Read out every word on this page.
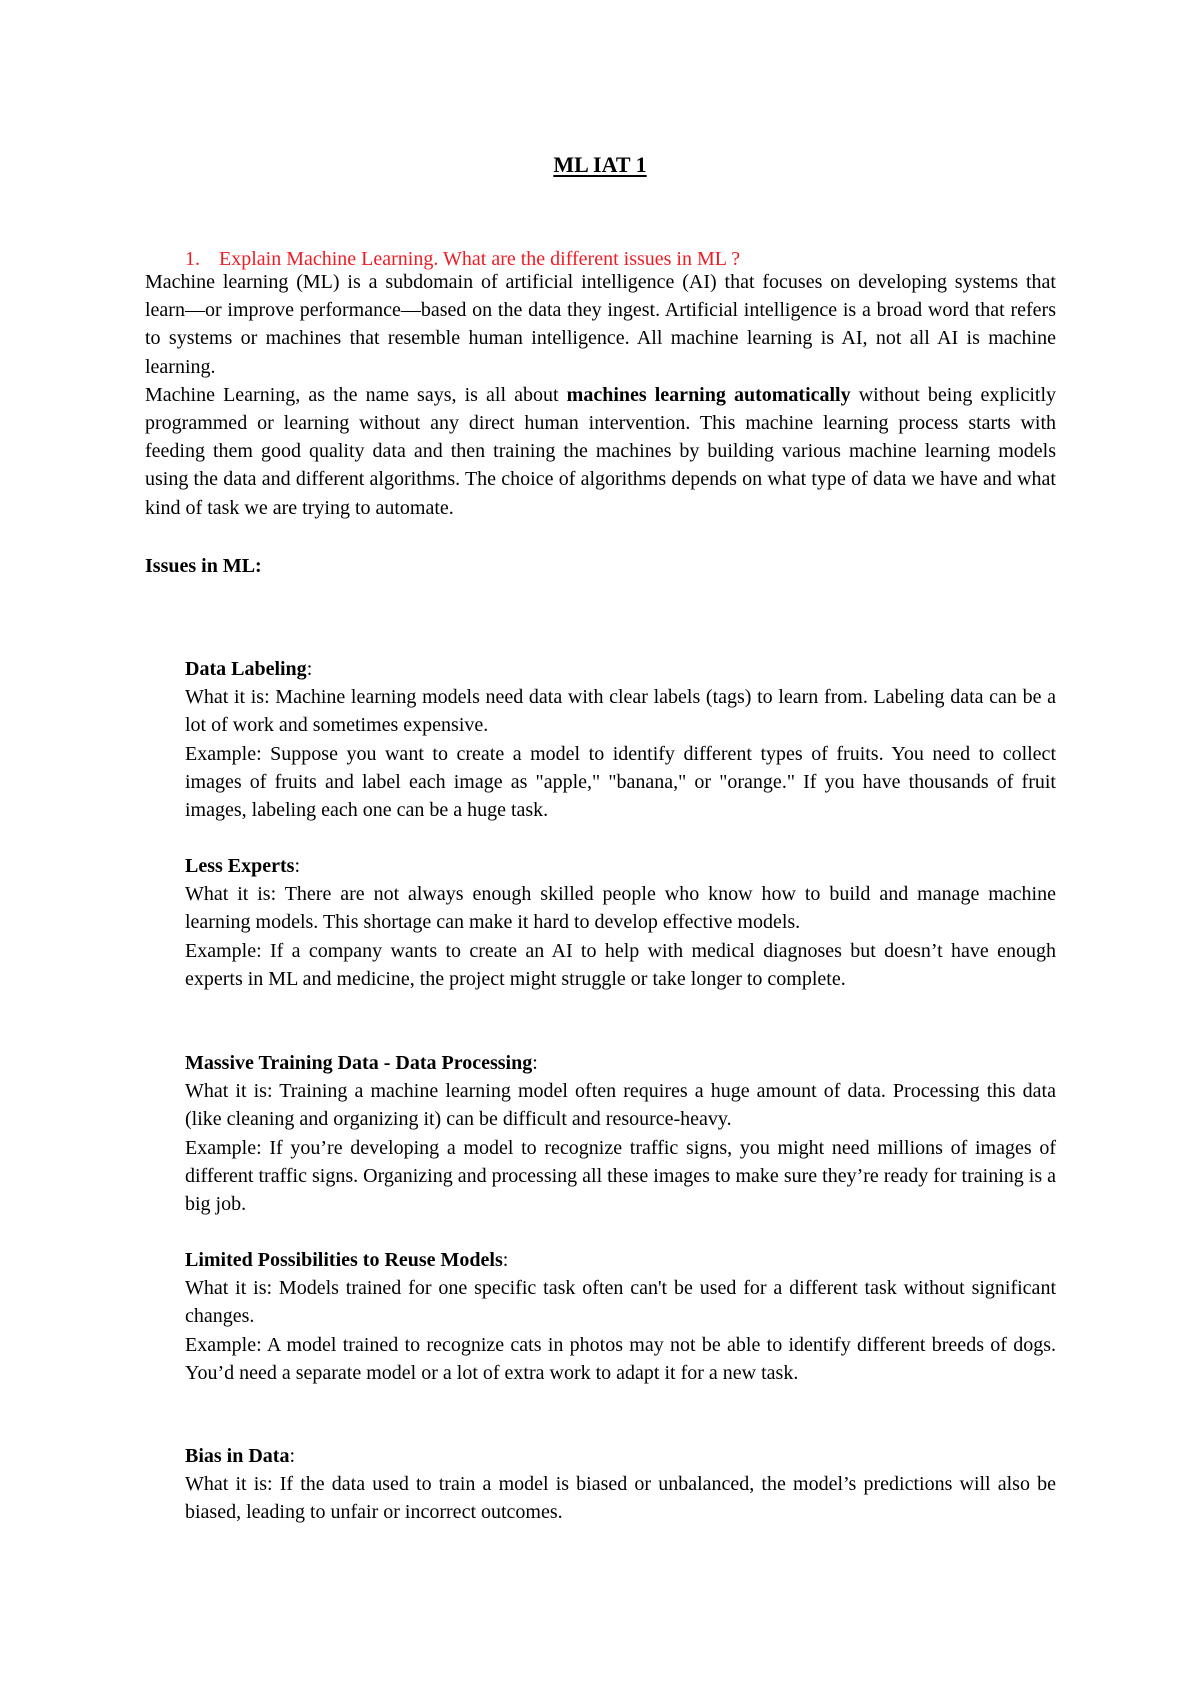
ML IAT 1

1. Explain Machine Learning. What are the different issues in ML ?

Machine learning (ML) is a subdomain of artificial intelligence (AI) that focuses on developing systems that learn—or improve performance—based on the data they ingest. Artificial intelligence is a broad word that refers to systems or machines that resemble human intelligence. All machine learning is AI, not all AI is machine learning.

Machine Learning, as the name says, is all about machines learning automatically without being explicitly programmed or learning without any direct human intervention. This machine learning process starts with feeding them good quality data and then training the machines by building various machine learning models using the data and different algorithms. The choice of algorithms depends on what type of data we have and what kind of task we are trying to automate.

Issues in ML:

Data Labeling:

What it is: Machine learning models need data with clear labels (tags) to learn from. Labeling data can be a lot of work and sometimes expensive.

Example: Suppose you want to create a model to identify different types of fruits. You need to collect images of fruits and label each image as "apple," "banana," or "orange." If you have thousands of fruit images, labeling each one can be a huge task.

Less Experts:

What it is: There are not always enough skilled people who know how to build and manage machine learning models. This shortage can make it hard to develop effective models.

Example: If a company wants to create an AI to help with medical diagnoses but doesn’t have enough experts in ML and medicine, the project might struggle or take longer to complete.

Massive Training Data - Data Processing:

What it is: Training a machine learning model often requires a huge amount of data. Processing this data (like cleaning and organizing it) can be difficult and resource-heavy.

Example: If you’re developing a model to recognize traffic signs, you might need millions of images of different traffic signs. Organizing and processing all these images to make sure they’re ready for training is a big job.

Limited Possibilities to Reuse Models:

What it is: Models trained for one specific task often can't be used for a different task without significant changes.

Example: A model trained to recognize cats in photos may not be able to identify different breeds of dogs. You’d need a separate model or a lot of extra work to adapt it for a new task.

Bias in Data:

What it is: If the data used to train a model is biased or unbalanced, the model’s predictions will also be biased, leading to unfair or incorrect outcomes.
